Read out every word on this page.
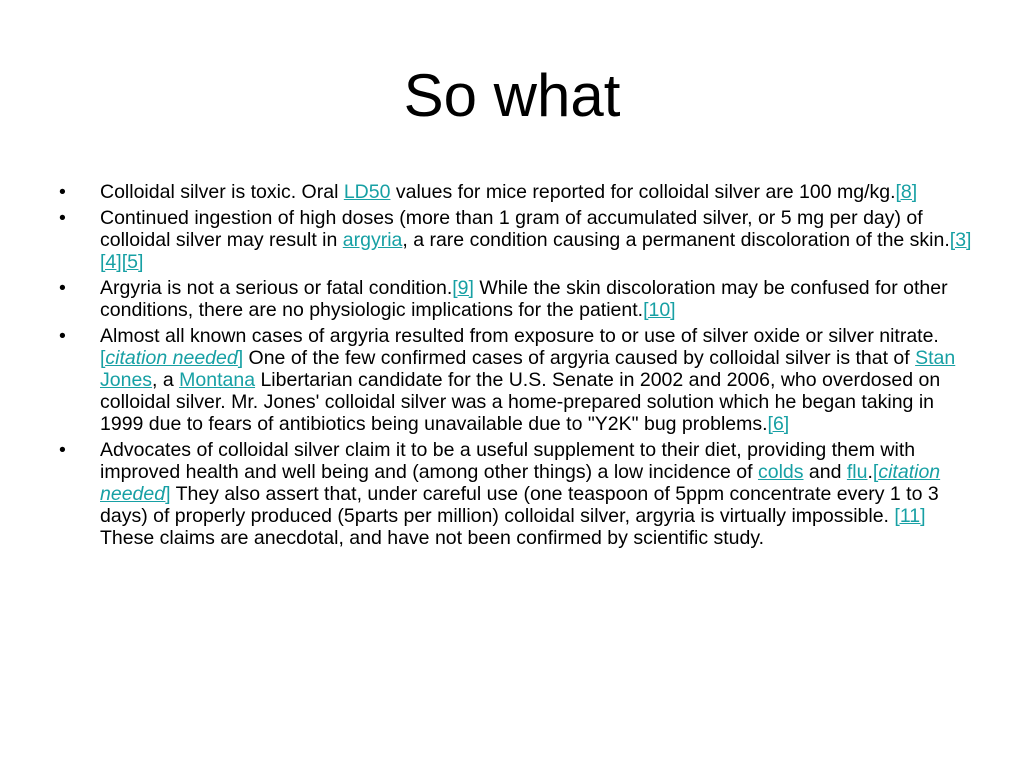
So what
•	Colloidal silver is toxic. Oral LD50 values for mice reported for colloidal silver are 100 mg/kg.[8]
•	Continued ingestion of high doses (more than 1 gram of accumulated silver, or 5 mg per day) of colloidal silver may result in argyria, a rare condition causing a permanent discoloration of the skin.[3][4][5]
•	Argyria is not a serious or fatal condition.[9] While the skin discoloration may be confused for other conditions, there are no physiologic implications for the patient.[10]
•	Almost all known cases of argyria resulted from exposure to or use of silver oxide or silver nitrate.[citation needed] One of the few confirmed cases of argyria caused by colloidal silver is that of Stan Jones, a Montana Libertarian candidate for the U.S. Senate in 2002 and 2006, who overdosed on colloidal silver. Mr. Jones' colloidal silver was a home-prepared solution which he began taking in 1999 due to fears of antibiotics being unavailable due to "Y2K" bug problems.[6]
•	Advocates of colloidal silver claim it to be a useful supplement to their diet, providing them with improved health and well being and (among other things) a low incidence of colds and flu.[citation needed] They also assert that, under careful use (one teaspoon of 5ppm concentrate every 1 to 3 days) of properly produced (5parts per million) colloidal silver, argyria is virtually impossible. [11] These claims are anecdotal, and have not been confirmed by scientific study.
